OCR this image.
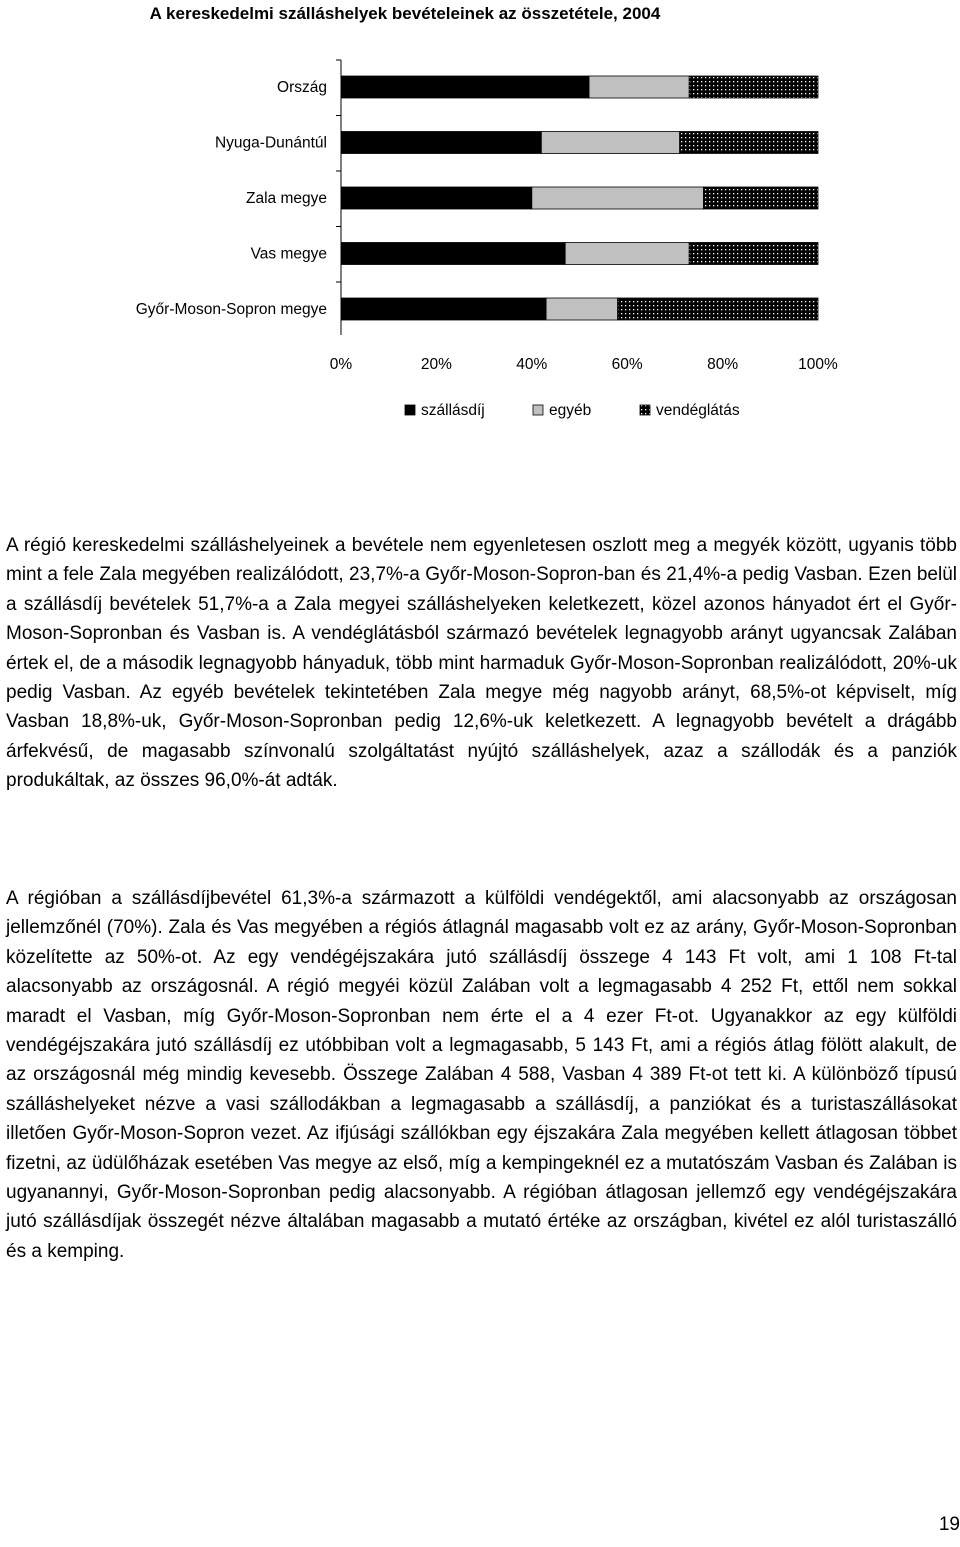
A kereskedelmi szálláshelyek bevételeinek az összetétele, 2004
Ország
Nyuga-Dunántúl
Zala megye
Vas megye
Győr-Moson-Sopron megye
0%	20%	40%	60%	80%	100%
szállásdíj	egyéb	vendéglátás

A régió kereskedelmi szálláshelyeinek a bevétele nem egyenletesen oszlott meg a megyék között, ugyanis több mint a fele Zala megyében realizálódott, 23,7%-a Győr-Moson-Sopron-ban és 21,4%-a pedig Vasban. Ezen belül a szállásdíj bevételek 51,7%-a a Zala megyei szálláshelyeken keletkezett, közel azonos hányadot ért el Győr-Moson-Sopronban és Vasban is. A vendéglátásból származó bevételek legnagyobb arányt ugyancsak Zalában értek el, de a második legnagyobb hányaduk, több mint harmaduk Győr-Moson-Sopronban realizálódott, 20%-uk pedig Vasban. Az egyéb bevételek tekintetében Zala megye még nagyobb arányt, 68,5%-ot képviselt, míg Vasban 18,8%-uk, Győr-Moson-Sopronban pedig 12,6%-uk keletkezett. A legnagyobb bevételt a drágább árfekvésű, de magasabb színvonalú szolgáltatást nyújtó szálláshelyek, azaz a szállodák és a panziók produkáltak, az összes 96,0%-át adták.

A régióban a szállásdíjbevétel 61,3%-a származott a külföldi vendégektől, ami alacsonyabb az országosan jellemzőnél (70%). Zala és Vas megyében a régiós átlagnál magasabb volt ez az arány, Győr-Moson-Sopronban közelítette az 50%-ot. Az egy vendégéjszakára jutó szállásdíj összege 4 143 Ft volt, ami 1 108 Ft-tal alacsonyabb az országosnál. A régió megyéi közül Zalában volt a legmagasabb 4 252 Ft, ettől nem sokkal maradt el Vasban, míg Győr-Moson-Sopronban nem érte el a 4 ezer Ft-ot. Ugyanakkor az egy külföldi vendégéjszakára jutó szállásdíj ez utóbbiban volt a legmagasabb, 5 143 Ft, ami a régiós átlag fölött alakult, de az országosnál még mindig kevesebb. Összege Zalában 4 588, Vasban 4 389 Ft-ot tett ki. A különböző típusú szálláshelyeket nézve a vasi szállodákban a legmagasabb a szállásdíj, a panziókat és a turistaszállásokat illetően Győr-Moson-Sopron vezet. Az ifjúsági szállókban egy éjszakára Zala megyében kellett átlagosan többet fizetni, az üdülőházak esetében Vas megye az első, míg a kempingeknél ez a mutatószám Vasban és Zalában is ugyanannyi, Győr-Moson-Sopronban pedig alacsonyabb. A régióban átlagosan jellemző egy vendégéjszakára jutó szállásdíjak összegét nézve általában magasabb a mutató értéke az országban, kivétel ez alól turistaszálló és a kemping.

19
